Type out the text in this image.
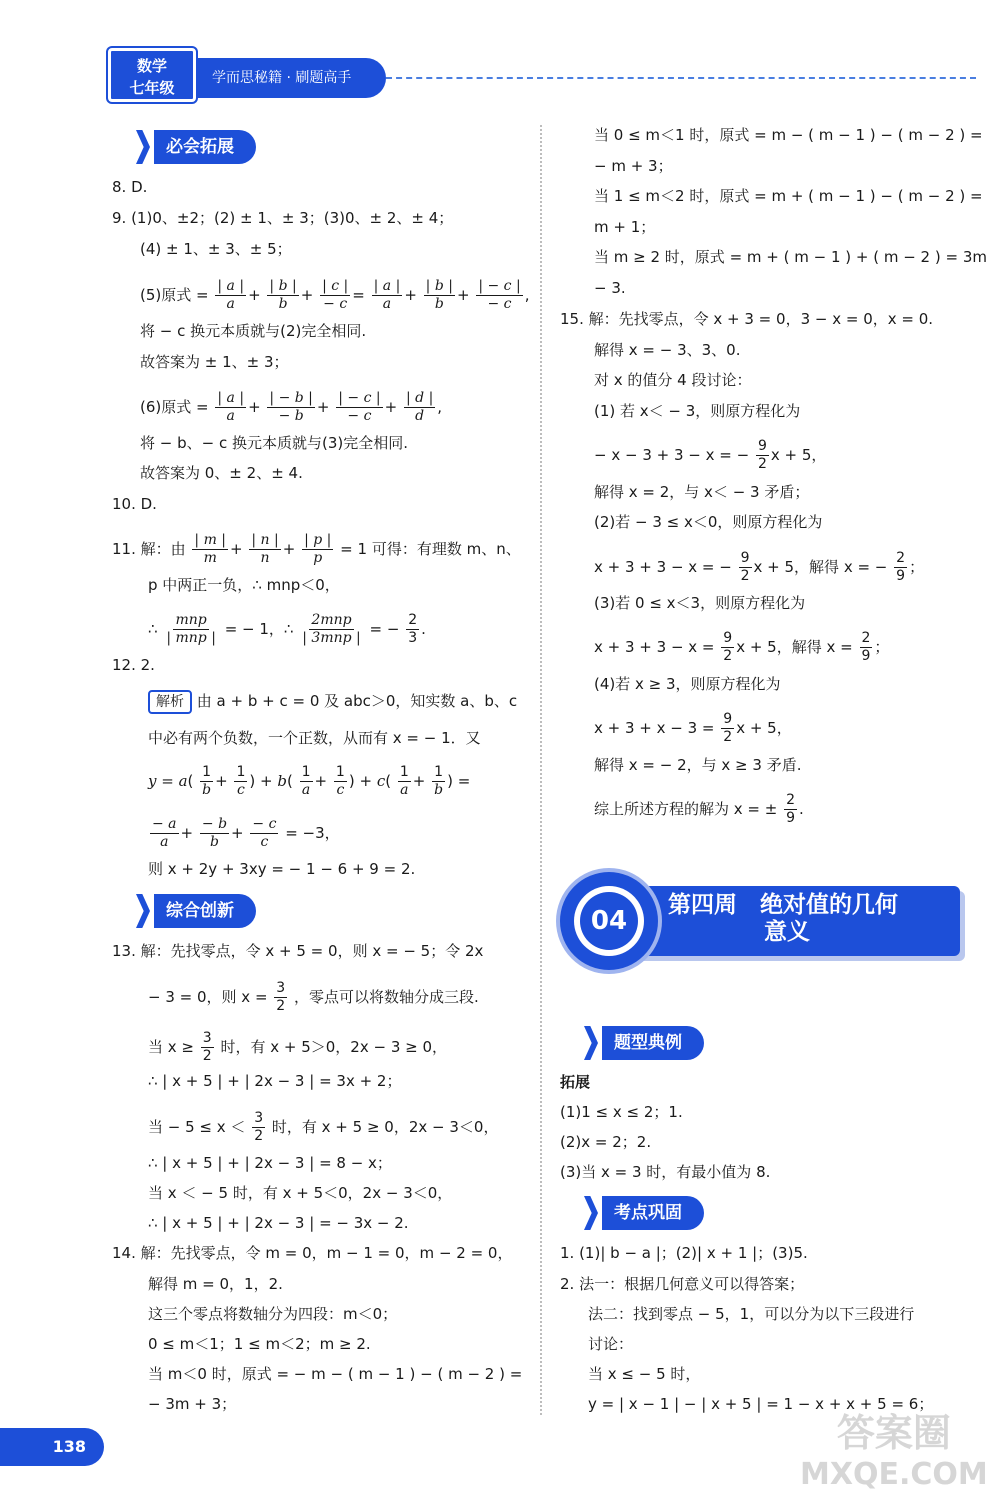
数学
七年级
学而思秘籍 · 刷题高手
必会拓展
综合创新
题型典例
考点巩固
8. D.
9. (1)0、±2；(2) ± 1、± 3；(3)0、± 2、± 4；
(4) ± 1、± 3、± 5；
(5)原式 = $\frac{| a |}{a} + \frac{| b |}{b} + \frac{| c |}{- c} = \frac{| a |}{a} + \frac{| b |}{b} + \frac{| - c |}{- c}$ ,
将 − c 换元本质就与(2)完全相同.
故答案为 ± 1、± 3；
(6)原式 = $\frac{| a |}{a} + \frac{| - b |}{- b} + \frac{| - c |}{- c} + \frac{| d |}{d}$ ,
将 − b、− c 换元本质就与(3)完全相同.
故答案为 0、± 2、± 4.
10. D.
11. 解：由 $\frac{| m |}{m} + \frac{| n |}{n} + \frac{| p |}{p} = 1$ 可得：有理数 m、n、
p 中两正一负，∴ mnp＜0，
∴ mnp
| mnp | = − 1，∴ 2mnp
| 3mnp | = − $\frac{2}{3}$ .
12. 2.
解析 由 a + b + c = 0 及 abc＞0，知实数 a、b、c
中必有两个负数，一个正数，从而有 x = − 1．又
$y = a( \frac{1}{b} + \frac{1}{c}$ ) + $b( \frac{1}{a} + \frac{1}{c}$ ) + $c( \frac{1}{a} + \frac{1}{b}$ ) =
$\frac{- a}{a} + \frac{- b}{b} + \frac{- c}{c} = -3$，
则 x + 2y + 3xy = − 1 − 6 + 9 = 2.
13. 解：先找零点，令 x + 5 = 0，则 x = − 5；令 2x
− 3 = 0，则 $x = \frac{3}{2}$ ，零点可以将数轴分成三段.
当 $x \ge \frac{3}{2}$ 时，有 x + 5＞0，2x − 3 ≥ 0，
∴ | x + 5 | + | 2x − 3 | = 3x + 2；
当 − $5 \le x < \frac{3}{2}$ 时，有 x + 5 ≥ 0，2x − 3＜0，
∴ | x + 5 | + | 2x − 3 | = 8 − x；
当 x ＜ − 5 时，有 x + 5＜0，2x − 3＜0，
∴ | x + 5 | + | 2x − 3 | = − 3x − 2.
14. 解：先找零点，令 m = 0，m − 1 = 0，m − 2 = 0，
解得 m = 0，1，2.
这三个零点将数轴分为四段：m＜0；
0 ≤ m＜1；1 ≤ m＜2；m ≥ 2.
当 m＜0 时，原式 = − m − ( m − 1 ) − ( m − 2 ) =
− 3m + 3；
当 0 ≤ m＜1 时，原式 = m − ( m − 1 ) − ( m − 2 ) =
− m + 3；
当 1 ≤ m＜2 时，原式 = m + ( m − 1 ) − ( m − 2 ) =
m + 1；
当 m ≥ 2 时，原式 = m + ( m − 1 ) + ( m − 2 ) = 3m
− 3.
15. 解：先找零点，令 x + 3 = 0，3 − x = 0，x = 0.
解得 x = − 3、3、0.
对 x 的值分 4 段讨论：
(1) 若 x＜ − 3，则原方程化为
− x − 3 + 3 − x = − $\frac{9}{2}$ x + 5，
解得 x = 2，与 x＜ − 3 矛盾；
(2)若 − 3 ≤ x＜0，则原方程化为
x + 3 + 3 − x = − $\frac{9}{2}$ x + 5，解得 x = − $\frac{2}{9}$ ；
(3)若 0 ≤ x＜3，则原方程化为
$x + 3 + 3 - x = \frac{9}{2}$ x + 5，解得 $x = \frac{2}{9}$ ；
(4)若 x ≥ 3，则原方程化为
$x + 3 + x - 3 = \frac{9}{2}$ x + 5，
解得 x = − 2，与 x ≥ 3 矛盾.
综上所述方程的解为 x = ± $\frac{2}{9}$ .
第四周　绝对值的几何
意义
04
拓展
(1)1 ≤ x ≤ 2；1.
(2)x = 2；2.
(3)当 x = 3 时，有最小值为 8.
1. (1)| b − a |；(2)| x + 1 |；(3)5.
2. 法一：根据几何意义可以得答案；
法二：找到零点 − 5，1，可以分为以下三段进行
讨论：
当 x ≤ − 5 时，
y = | x − 1 | − | x + 5 | = 1 − x + x + 5 = 6；
138	答案圈
MXQE.COM
